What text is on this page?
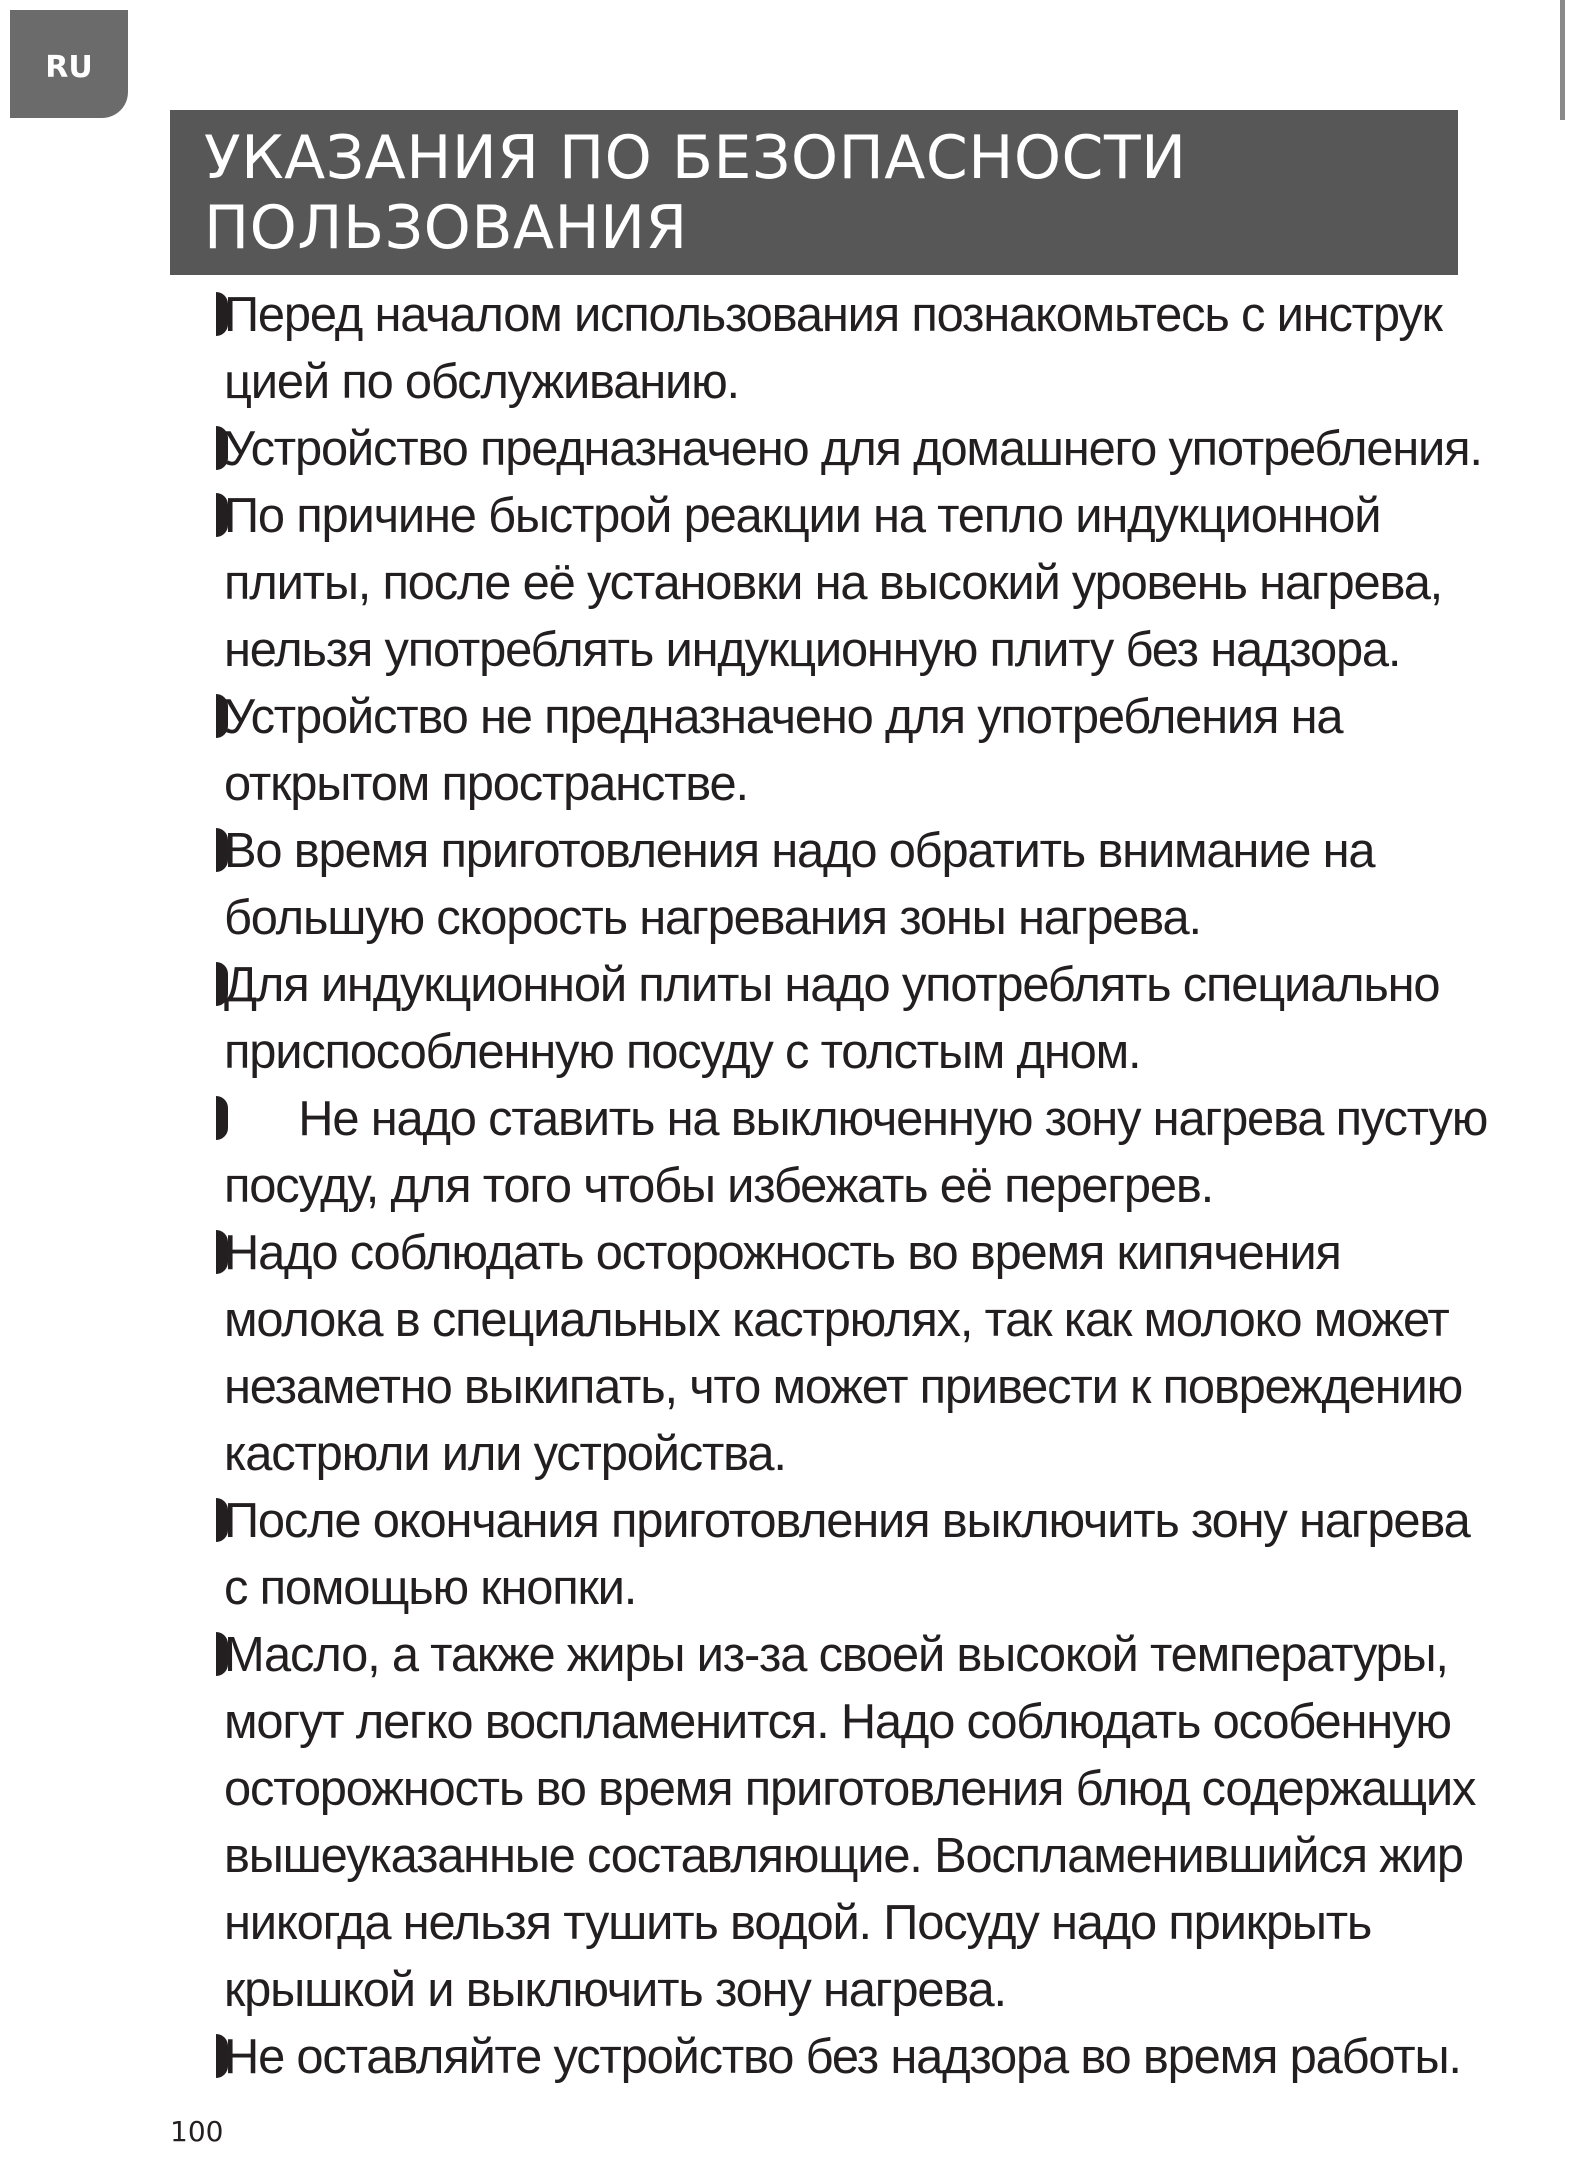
RU
УКАЗАНИЯ ПО БЕЗОПАСНОСТИ
ПОЛЬЗОВАНИЯ
Перед началом использования познакомьтесь с инструк
цией по обслуживанию.
Устройство предназначено для домашнего употребления.
По причине быстрой реакции на тепло индукционной
плиты, после её установки на высокий уровень нагрева,
нельзя употреблять индукционную плиту без надзора.
Устройство не предназначено для употребления на
открытом пространстве.
Во время приготовления надо обратить внимание на
большую скорость нагревания зоны нагрева.
Для индукционной плиты надо употреблять специально
приспособленную посуду с толстым дном.
Не надо ставить на выключенную зону нагрева пустую
посуду, для того чтобы избежать её перегрев.
Надо соблюдать осторожность во время кипячения
молока в специальных кастрюлях, так как молоко может
незаметно выкипать, что может привести к повреждению
кастрюли или устройства.
После окончания приготовления выключить зону нагрева
с помощью кнопки.
Масло, а также жиры из-за своей высокой температуры,
могут легко воспламенится. Надо соблюдать особенную
осторожность во время приготовления блюд содержащих
вышеуказанные составляющие. Воспламенившийся жир
никогда нельзя тушить водой. Посуду надо прикрыть
крышкой и выключить зону нагрева.
Не оставляйте устройство без надзора во время работы.
100
